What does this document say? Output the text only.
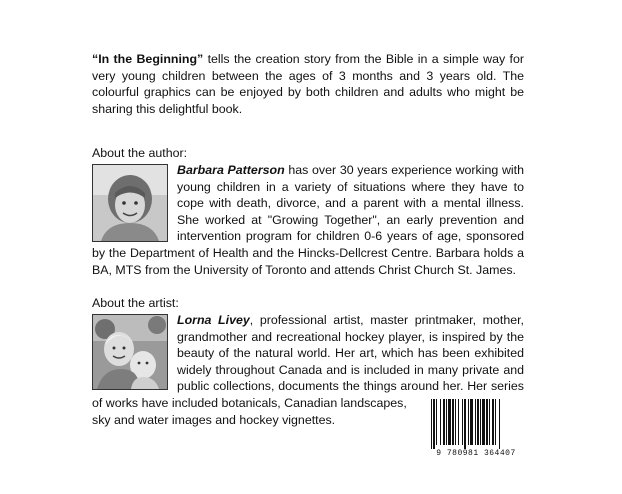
“In the Beginning” tells the creation story from the Bible in a simple way for very young children between the ages of 3 months and 3 years old. The colourful graphics can be enjoyed by both children and adults who might be sharing this delightful book.
About the author:
Barbara Patterson has over 30 years experience working with young children in a variety of situations where they have to cope with death, divorce, and a parent with a mental illness. She worked at "Growing Together", an early prevention and intervention program for children 0-6 years of age, sponsored by the Department of Health and the Hincks-Dellcrest Centre. Barbara holds a BA, MTS from the University of Toronto and attends Christ Church St. James.
About the artist:
Lorna Livey, professional artist, master printmaker, mother, grandmother and recreational hockey player, is inspired by the beauty of the natural world. Her art, which has been exhibited widely throughout Canada and is included in many private and public collections, documents the things around her. Her series of works have included botanicals, Canadian landscapes,
sky and water images and hockey vignettes.
9 780981 364407
